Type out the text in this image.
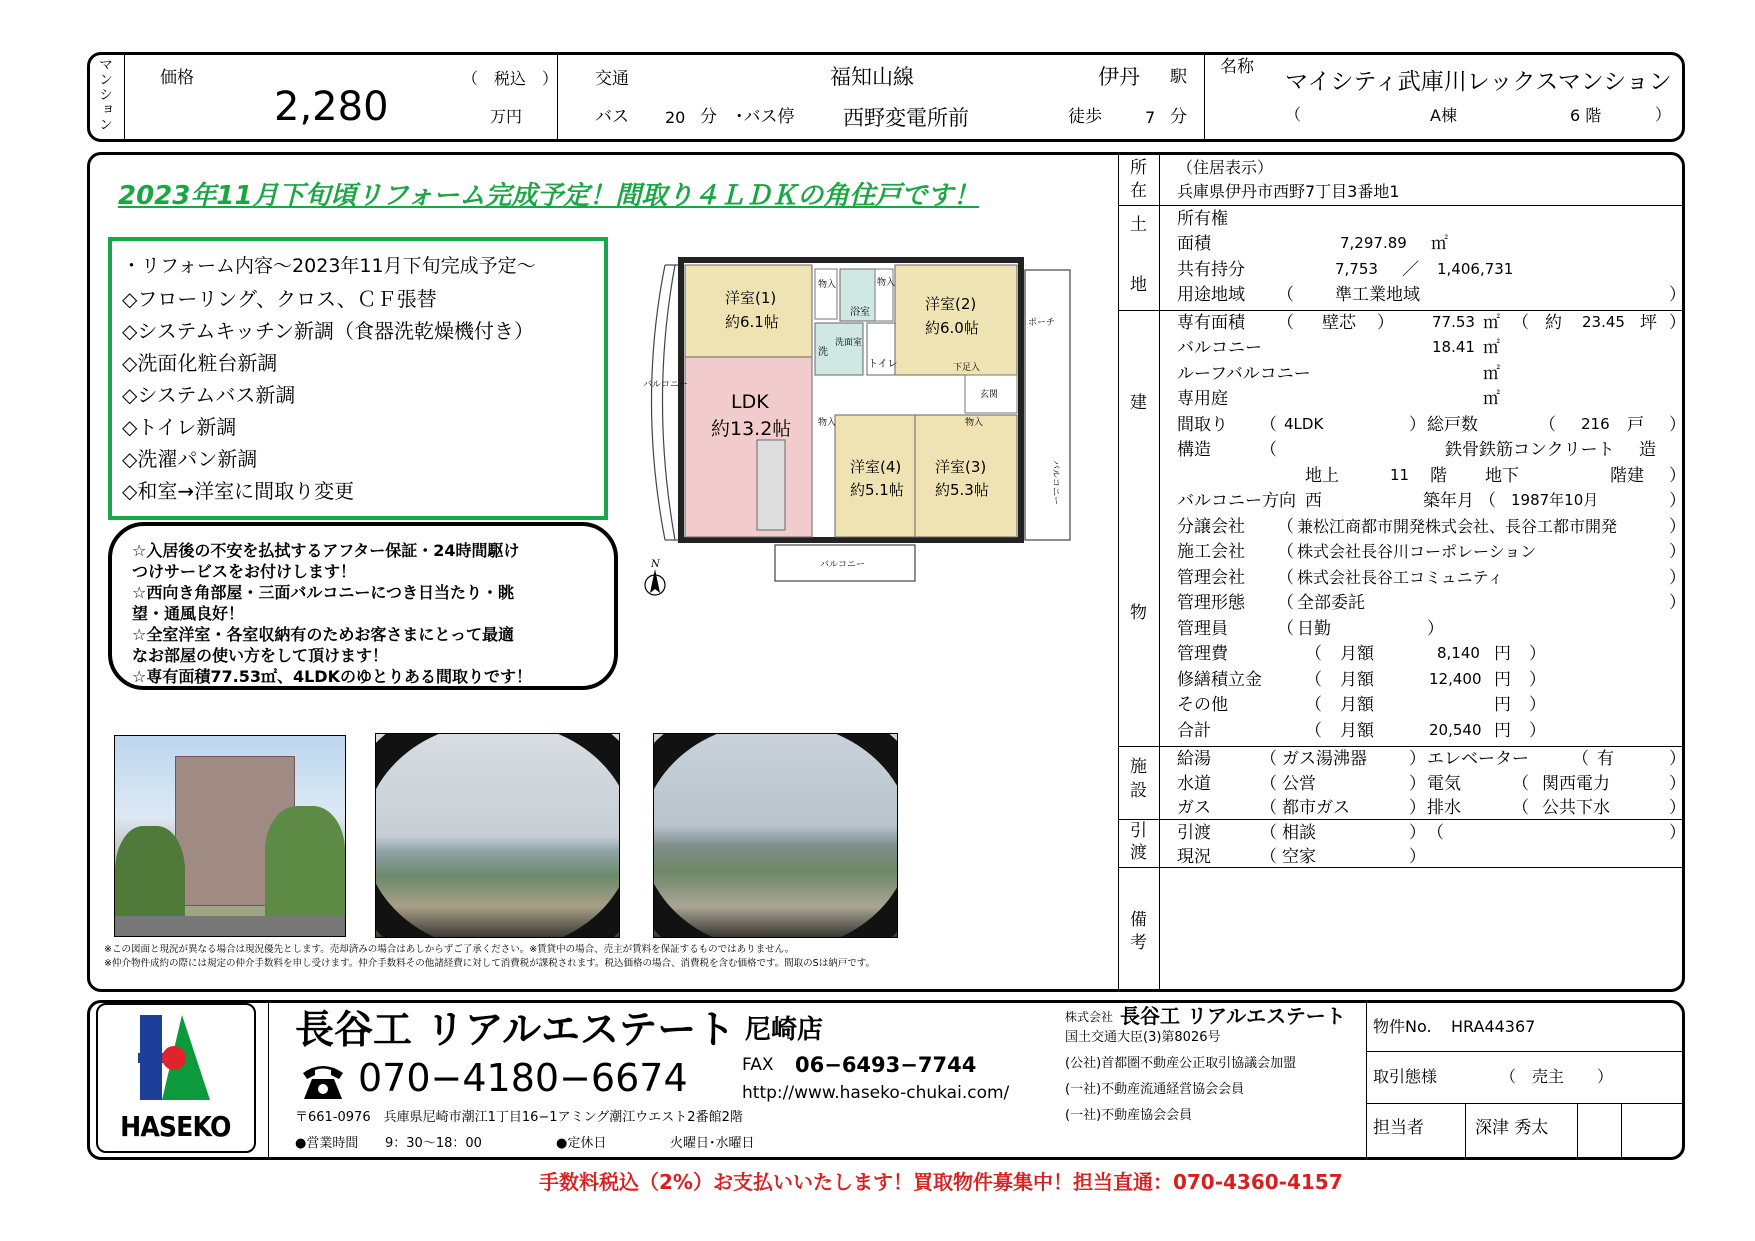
マンション	価格
2,280
（　税込　）
万円
交通	福知山線	伊丹 駅
バス 20 分 ･バス停 西野変電所前	徒歩	7 分
名称
マイシティ武庫川レックスマンション
（	A棟	6 階	）
2023年11月下旬頃リフォーム完成予定！間取り４ＬＤＫの角住戸です！
・リフォーム内容～2023年11月下旬完成予定～
◇フローリング、クロス、ＣＦ張替
◇システムキッチン新調（食器洗乾燥機付き）
◇洗面化粧台新調
◇システムバス新調
◇トイレ新調
◇洗濯パン新調
◇和室→洋室に間取り変更
☆入居後の不安を払拭するアフター保証・24時間駆け
つけサービスをお付けします！
☆西向き角部屋・三面バルコニーにつき日当たり・眺
望・通風良好！
☆全室洋室・各室収納有のためお客さまにとって最適
なお部屋の使い方をして頂けます！
☆専有面積77.53㎡、4LDKのゆとりある間取りです！
洋室(1)
約6.1帖
洋室(2)
約6.0帖
LDK
約13.2帖
洋室(4)
約5.1帖
洋室(3)
約5.3帖
浴室
洗
洗面室
トイレ
物入	物入
物入	物入
下足入
玄関
ポーチ
バルコニー
バルコニー
バルコニー
N
※この図面と現況が異なる場合は現況優先とします。売却済みの場合はあしからずご了承ください。※賃貸中の場合、売主が賃料を保証するものではありません。
※仲介物件成約の際には規定の仲介手数料を申し受けます。仲介手数料その他諸経費に対して消費税が課税されます。税込価格の場合、消費税を含む価格です。間取のSは納戸です。
所
在
土
地
建
物
施
設
引
渡
備
考
（住居表示）
兵庫県伊丹市西野7丁目3番地1
所有権
面積	7,297.89 ㎡
共有持分	7,753 ／ 1,406,731
用途地域 （ 準工業地域	）
専有面積 （ 壁芯 ）	77.53 ㎡ （ 約 23.45 坪 ）
バルコニー	18.41 ㎡
ルーフバルコニー	㎡
専用庭	㎡
間取り （ 4LDK	） 総戸数	（ 216 戸 ）
構造	（	鉄骨鉄筋コンクリート 造
地上	11 階 地下	階建 ）
バルコニー方向 西	築年月 （ 1987年10月	）
分譲会社 （ 兼松江商都市開発株式会社、長谷工都市開発	）
施工会社 （ 株式会社長谷川コーポレーション	）
管理会社 （ 株式会社長谷工コミュニティ	）
管理形態 （ 全部委託	）
管理員	（ 日勤	）
管理費	（ 月額	8,140 円 ）
修繕積立金	（ 月額	12,400 円 ）
その他	（ 月額	円 ）
合計	（ 月額	20,540 円 ）
給湯	（ ガス湯沸器 ） エレベーター	（ 有	）
水道	（ 公営	） 電気	（ 関西電力	）
ガス	（ 都市ガス	） 排水	（ 公共下水	）
引渡	（ 相談	） （	）
現況	（ 空家	）
HASEKO
長谷工 リアルエステート 尼崎店
070−4180−6674	FAX 06−6493−7744
http://www.haseko-chukai.com/
〒661-0976　兵庫県尼崎市潮江1丁目16−1アミング潮江ウエスト2番館2階
●営業時間 9：30～18：00	●定休日	火曜日･水曜日
株式会社 長谷工 リアルエステート
国土交通大臣(3)第8026号
(公社)首都圏不動産公正取引協議会加盟
(一社)不動産流通経営協会会員
(一社)不動産協会会員
物件No. HRA44367
取引態様	（ 売主 ）
担当者	深津 秀太
手数料税込（2%）お支払いいたします！買取物件募集中！担当直通：070-4360-4157
